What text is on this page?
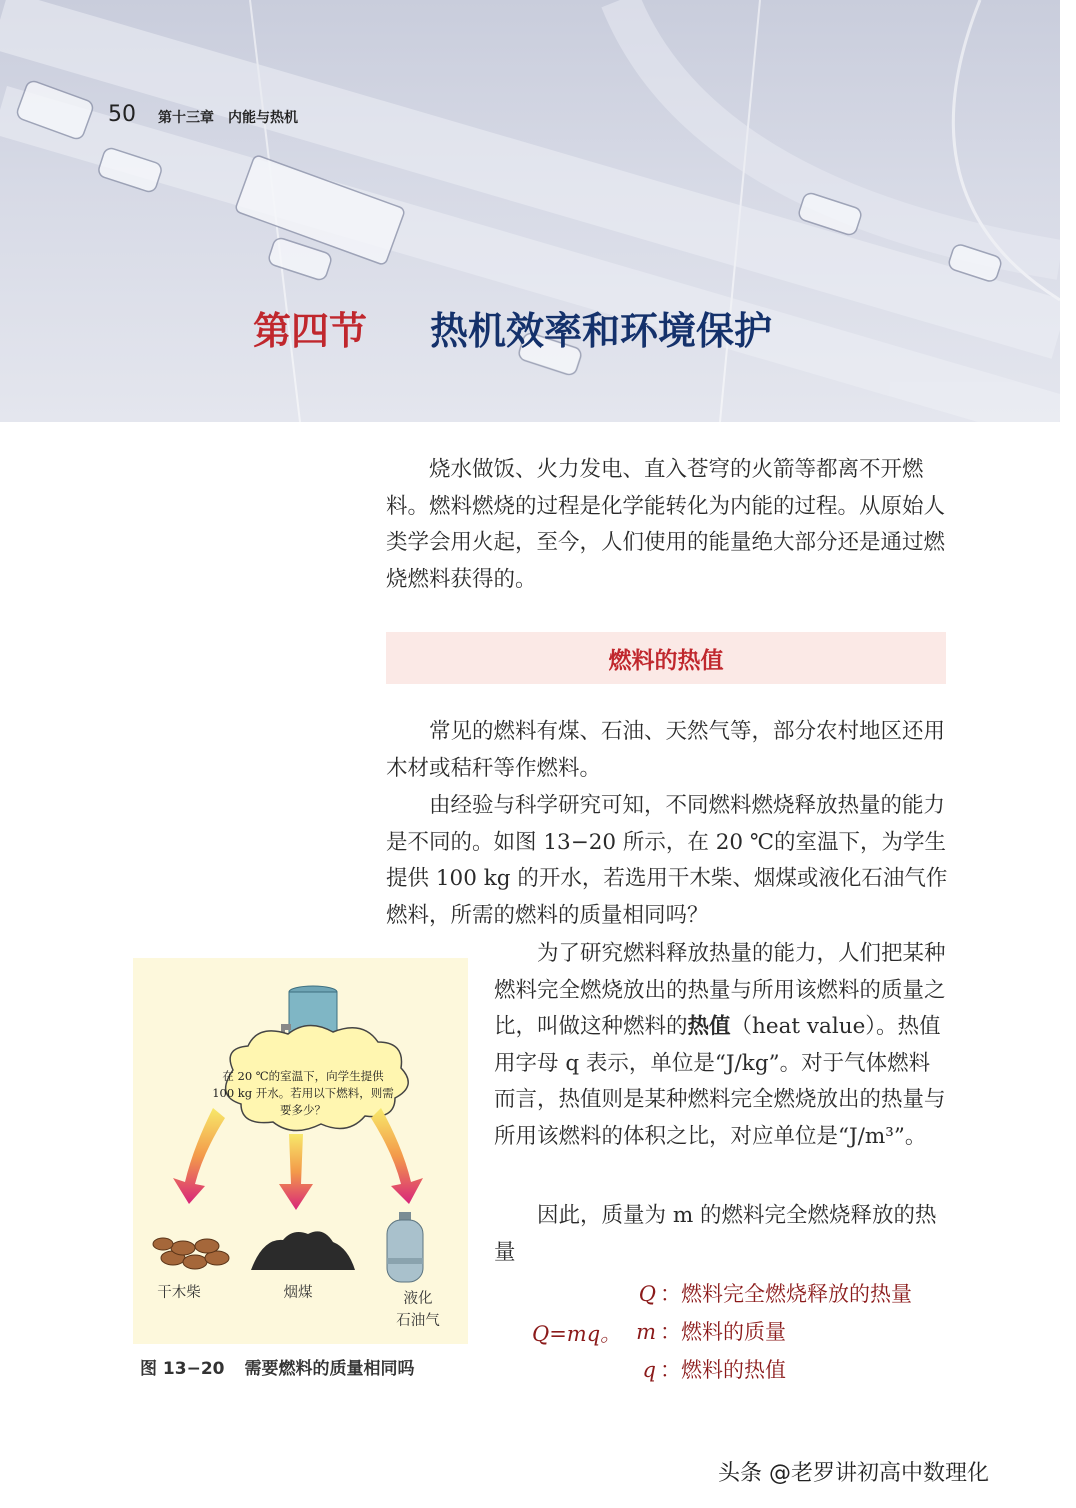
50 第十三章　内能与热机
第四节 热机效率和环境保护

烧水做饭、火力发电、直入苍穹的火箭等都离不开燃料。燃料燃烧的过程是化学能转化为内能的过程。从原始人类学会用火起，至今，人们使用的能量绝大部分还是通过燃烧燃料获得的。

燃料的热值

常见的燃料有煤、石油、天然气等，部分农村地区还用木材或秸秆等作燃料。

由经验与科学研究可知，不同燃料燃烧释放热量的能力是不同的。如图 13−20 所示，在 20 ℃的室温下，为学生提供 100 kg 的开水，若选用干木柴、烟煤或液化石油气作燃料，所需的燃料的质量相同吗？

为了研究燃料释放热量的能力，人们把某种燃料完全燃烧放出的热量与所用该燃料的质量之比，叫做这种燃料的热值（heat value）。热值用字母 q 表示，单位是“J/kg”。对于气体燃料而言，热值则是某种燃料完全燃烧放出的热量与所用该燃料的体积之比，对应单位是“J/m³”。

因此，质量为 m 的燃料完全燃烧释放的热量

干木柴	烟煤	液化
石油气
在 20 ℃的室温下，向学生提供 100 kg 开水。若用以下燃料，则需要多少？
图 13−20 需要燃料的质量相同吗
Q=mq。
Q ：燃料完全燃烧释放的热量
m ：燃料的质量
q ：燃料的热值
头条 @老罗讲初高中数理化
